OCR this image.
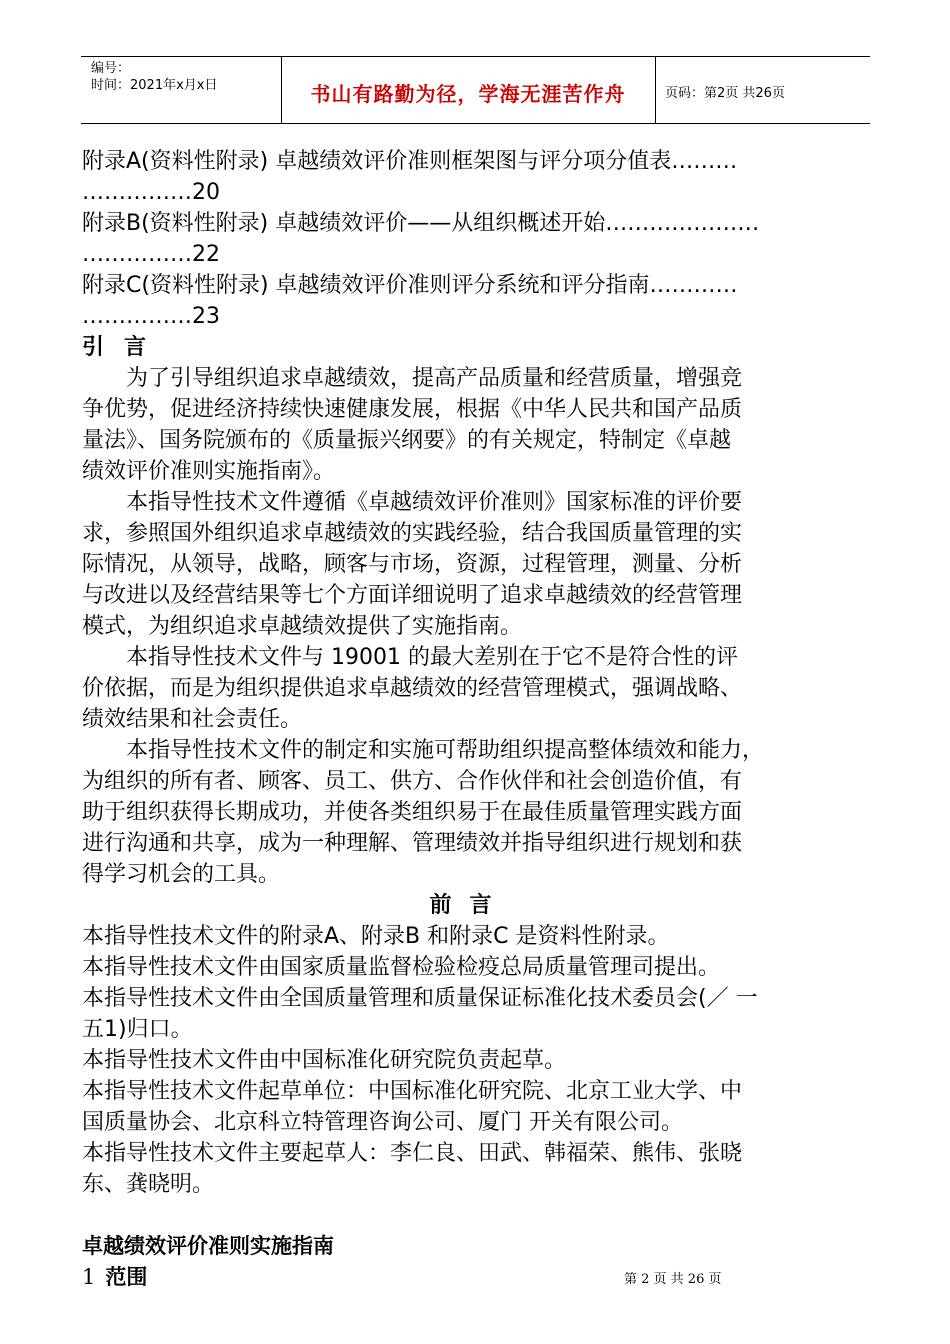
编号：
时间：2021年x月x日	书山有路勤为径，学海无涯苦作舟	页码：第2页 共26页

附录A(资料性附录) 卓越绩效评价准则框架图与评分项分值表………

……………20

附录B(资料性附录) 卓越绩效评价——从组织概述开始…………………

……………22

附录C(资料性附录) 卓越绩效评价准则评分系统和评分指南…………

……………23

引言

为了引导组织追求卓越绩效，提高产品质量和经营质量，增强竞

争优势，促进经济持续快速健康发展，根据《中华人民共和国产品质

量法》、国务院颁布的《质量振兴纲要》的有关规定，特制定《卓越

绩效评价准则实施指南》。

本指导性技术文件遵循《卓越绩效评价准则》国家标准的评价要

求，参照国外组织追求卓越绩效的实践经验，结合我国质量管理的实

际情况，从领导，战略，顾客与市场，资源，过程管理，测量、分析

与改进以及经营结果等七个方面详细说明了追求卓越绩效的经营管理

模式，为组织追求卓越绩效提供了实施指南。

本指导性技术文件与 19001 的最大差别在于它不是符合性的评

价依据，而是为组织提供追求卓越绩效的经营管理模式，强调战略、

绩效结果和社会责任。

本指导性技术文件的制定和实施可帮助组织提高整体绩效和能力，

为组织的所有者、顾客、员工、供方、合作伙伴和社会创造价值，有

助于组织获得长期成功，并使各类组织易于在最佳质量管理实践方面

进行沟通和共享，成为一种理解、管理绩效并指导组织进行规划和获

得学习机会的工具。

前言

本指导性技术文件的附录A、附录B 和附录C 是资料性附录。

本指导性技术文件由国家质量监督检验检疫总局质量管理司提出。

本指导性技术文件由全国质量管理和质量保证标准化技术委员会(／ 一

五1)归口。

本指导性技术文件由中国标准化研究院负责起草。

本指导性技术文件起草单位：中国标准化研究院、北京工业大学、中

国质量协会、北京科立特管理咨询公司、厦门 开关有限公司。

本指导性技术文件主要起草人：李仁良、田武、韩福荣、熊伟、张晓

东、龚晓明。

卓越绩效评价准则实施指南

1 范围	第 2 页 共 26 页
